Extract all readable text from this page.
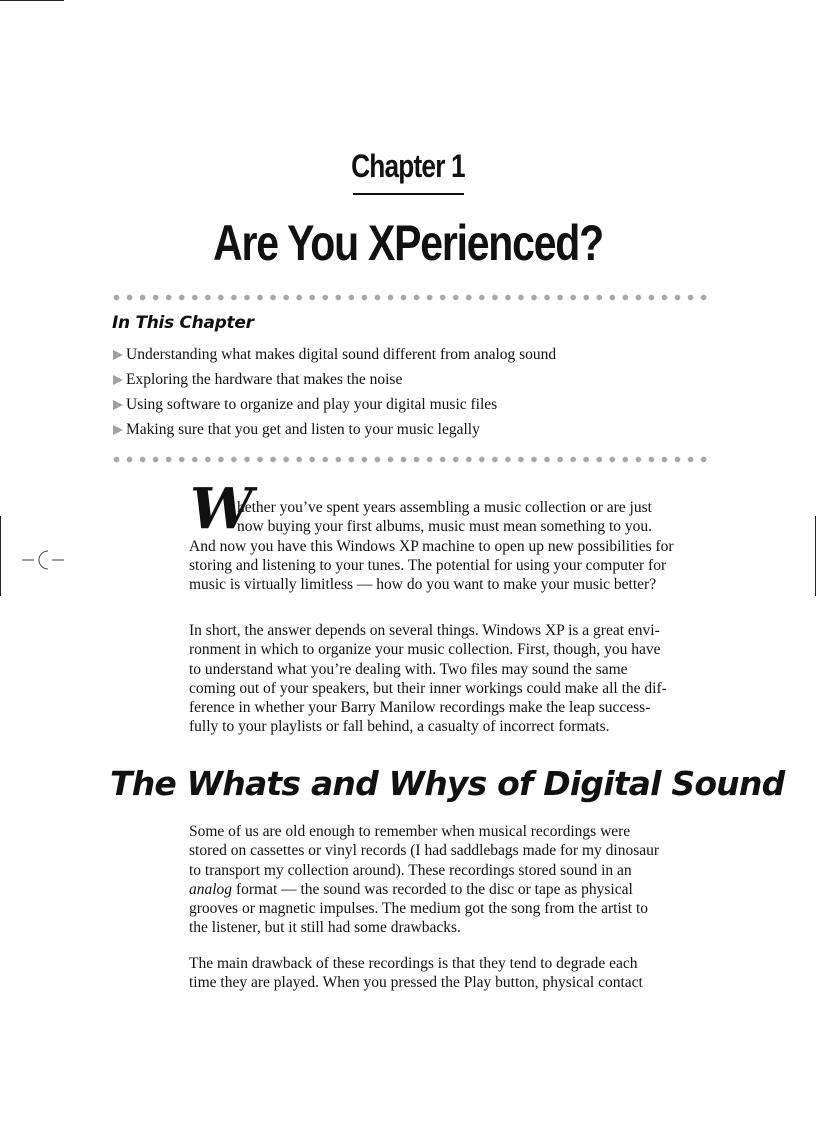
Chapter 1
Are You XPerienced?
In This Chapter
Understanding what makes digital sound different from analog sound
Exploring the hardware that makes the noise
Using software to organize and play your digital music files
Making sure that you get and listen to your music legally
W

hether you’ve spent years assembling a music collection or are just
now buying your first albums, music must mean something to you.
And now you have this Windows XP machine to open up new possibilities for
storing and listening to your tunes. The potential for using your computer for
music is virtually limitless — how do you want to make your music better?

In short, the answer depends on several things. Windows XP is a great envi-
ronment in which to organize your music collection. First, though, you have
to understand what you’re dealing with. Two files may sound the same
coming out of your speakers, but their inner workings could make all the dif-
ference in whether your Barry Manilow recordings make the leap success-
fully to your playlists or fall behind, a casualty of incorrect formats.

The Whats and Whys of Digital Sound

Some of us are old enough to remember when musical recordings were
stored on cassettes or vinyl records (I had saddlebags made for my dinosaur
to transport my collection around). These recordings stored sound in an
analog format — the sound was recorded to the disc or tape as physical
grooves or magnetic impulses. The medium got the song from the artist to
the listener, but it still had some drawbacks.

The main drawback of these recordings is that they tend to degrade each
time they are played. When you pressed the Play button, physical contact
